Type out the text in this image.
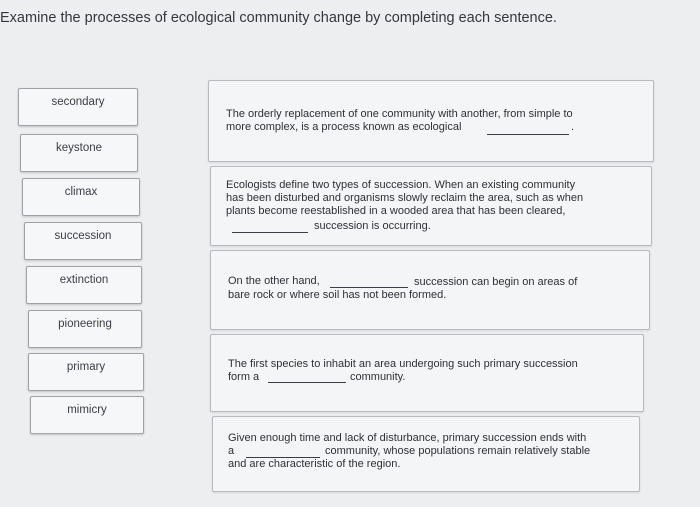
Examine the processes of ecological community change by completing each sentence.
secondary
keystone
climax
succession
extinction
pioneering
primary
mimicry
The orderly replacement of one community with another, from simple to
more complex, is a process known as ecological	.
Ecologists define two types of succession. When an existing community
has been disturbed and organisms slowly reclaim the area, such as when
plants become reestablished in a wooded area that has been cleared,
succession is occurring.
On the other hand,	succession can begin on areas of
bare rock or where soil has not been formed.
The first species to inhabit an area undergoing such primary succession
form a	community.
Given enough time and lack of disturbance, primary succession ends with
a	community, whose populations remain relatively stable
and are characteristic of the region.
